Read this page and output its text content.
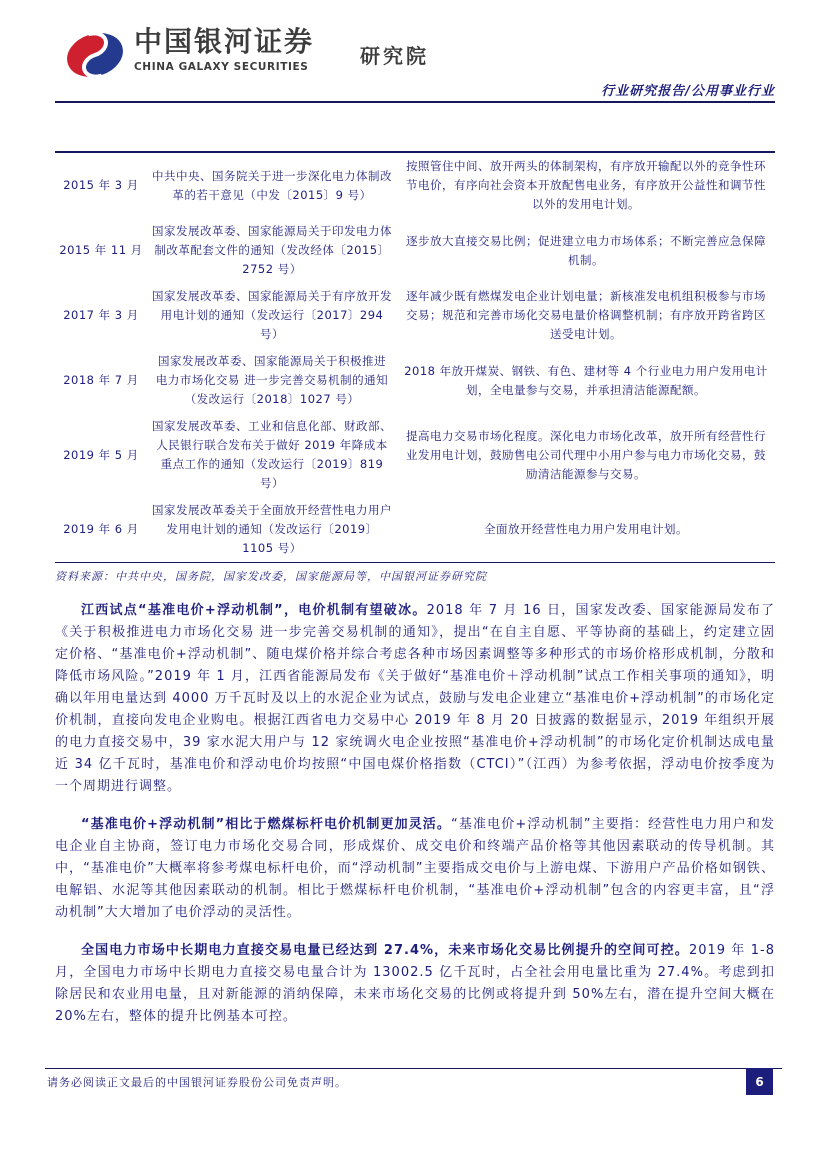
中国银河证券
CHINA GALAXY SECURITIES	研究院
行业研究报告/公用事业行业
2015 年 3 月	中共中央、国务院关于进一步深化电力体制改革的若干意见（中发〔2015〕9 号）	按照管住中间、放开两头的体制架构，有序放开输配以外的竞争性环节电价，有序向社会资本开放配售电业务，有序放开公益性和调节性以外的发用电计划。
2015 年 11 月	国家发展改革委、国家能源局关于印发电力体制改革配套文件的通知（发改经体〔2015〕2752 号）	逐步放大直接交易比例；促进建立电力市场体系；不断完善应急保障机制。
2017 年 3 月	国家发展改革委、国家能源局关于有序放开发用电计划的通知（发改运行〔2017〕294 号）	逐年减少既有燃煤发电企业计划电量；新核准发电机组积极参与市场交易；规范和完善市场化交易电量价格调整机制；有序放开跨省跨区送受电计划。
2018 年 7 月	国家发展改革委、国家能源局关于积极推进 电力市场化交易 进一步完善交易机制的通知（发改运行〔2018〕1027 号）	2018 年放开煤炭、钢铁、有色、建材等 4 个行业电力用户发用电计划，全电量参与交易，并承担清洁能源配额。
2019 年 5 月	国家发展改革委、工业和信息化部、财政部、人民银行联合发布关于做好 2019 年降成本重点工作的通知（发改运行〔2019〕819 号）	提高电力交易市场化程度。深化电力市场化改革，放开所有经营性行业发用电计划，鼓励售电公司代理中小用户参与电力市场化交易，鼓励清洁能源参与交易。
2019 年 6 月	国家发展改革委关于全面放开经营性电力用户发用电计划的通知（发改运行〔2019〕1105 号）	全面放开经营性电力用户发用电计划。
资料来源：中共中央，国务院，国家发改委，国家能源局等，中国银河证券研究院

江西试点“基准电价+浮动机制”，电价机制有望破冰。2018 年 7 月 16 日，国家发改委、国家能源局发布了《关于积极推进电力市场化交易 进一步完善交易机制的通知》，提出“在自主自愿、平等协商的基础上，约定建立固定价格、“基准电价+浮动机制”、随电煤价格并综合考虑各种市场因素调整等多种形式的市场价格形成机制，分散和降低市场风险。”2019 年 1 月，江西省能源局发布《关于做好“基准电价＋浮动机制”试点工作相关事项的通知》，明确以年用电量达到 4000 万千瓦时及以上的水泥企业为试点，鼓励与发电企业建立“基准电价+浮动机制”的市场化定价机制，直接向发电企业购电。根据江西省电力交易中心 2019 年 8 月 20 日披露的数据显示，2019 年组织开展的电力直接交易中，39 家水泥大用户与 12 家统调火电企业按照“基准电价+浮动机制”的市场化定价机制达成电量近 34 亿千瓦时，基准电价和浮动电价均按照“中国电煤价格指数（CTCI）”（江西）为参考依据，浮动电价按季度为一个周期进行调整。

“基准电价+浮动机制”相比于燃煤标杆电价机制更加灵活。“基准电价+浮动机制”主要指：经营性电力用户和发电企业自主协商，签订电力市场化交易合同，形成煤价、成交电价和终端产品价格等其他因素联动的传导机制。其中，“基准电价”大概率将参考煤电标杆电价，而“浮动机制”主要指成交电价与上游电煤、下游用户产品价格如钢铁、电解铝、水泥等其他因素联动的机制。相比于燃煤标杆电价机制，“基准电价+浮动机制”包含的内容更丰富，且“浮动机制”大大增加了电价浮动的灵活性。

全国电力市场中长期电力直接交易电量已经达到 27.4%，未来市场化交易比例提升的空间可控。2019 年 1-8 月，全国电力市场中长期电力直接交易电量合计为 13002.5 亿千瓦时，占全社会用电量比重为 27.4%。考虑到扣除居民和农业用电量，且对新能源的消纳保障，未来市场化交易的比例或将提升到 50%左右，潜在提升空间大概在 20%左右，整体的提升比例基本可控。

请务必阅读正文最后的中国银河证券股份公司免责声明。	6
